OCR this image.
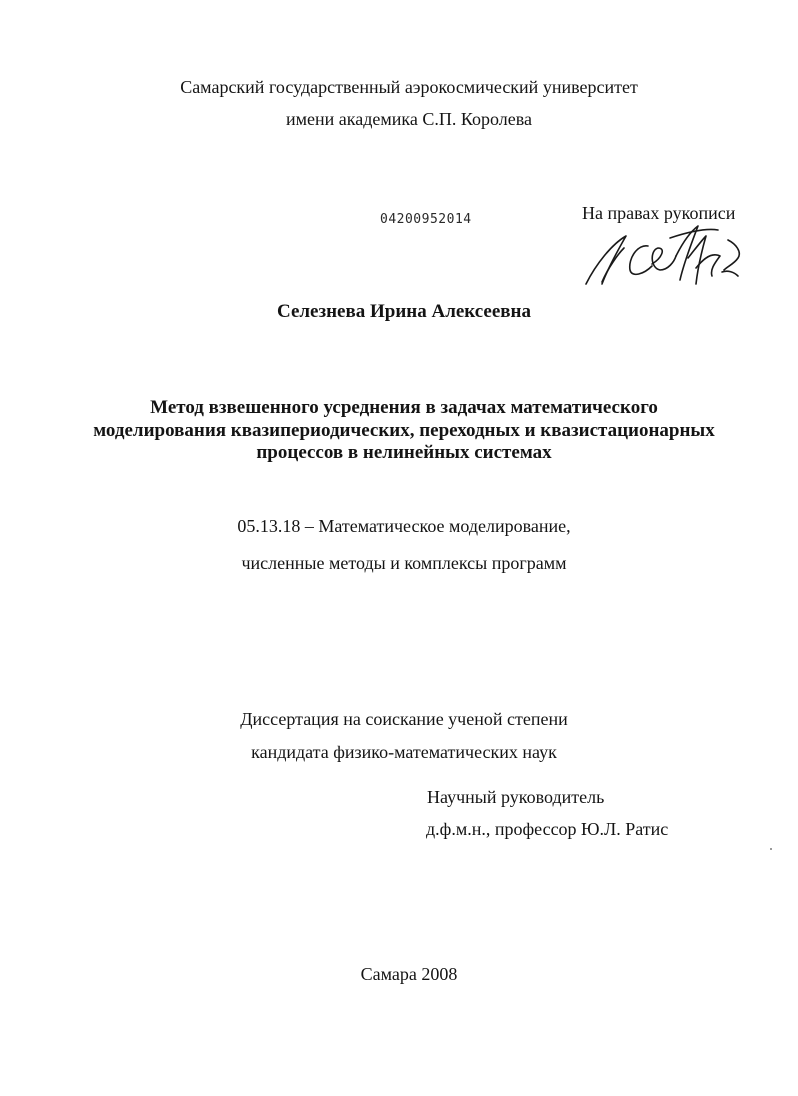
Самарский государственный аэрокосмический университет
имени академика С.П. Королева
04200952014	На правах рукописи
Селезнева Ирина Алексеевна
Метод взвешенного усреднения в задачах математического
моделирования квазипериодических, переходных и квазистационарных
процессов в нелинейных системах
05.13.18 – Математическое моделирование,
численные методы и комплексы программ
Диссертация на соискание ученой степени
кандидата физико-математических наук
Научный руководитель
д.ф.м.н., профессор Ю.Л. Ратис
Самара 2008
